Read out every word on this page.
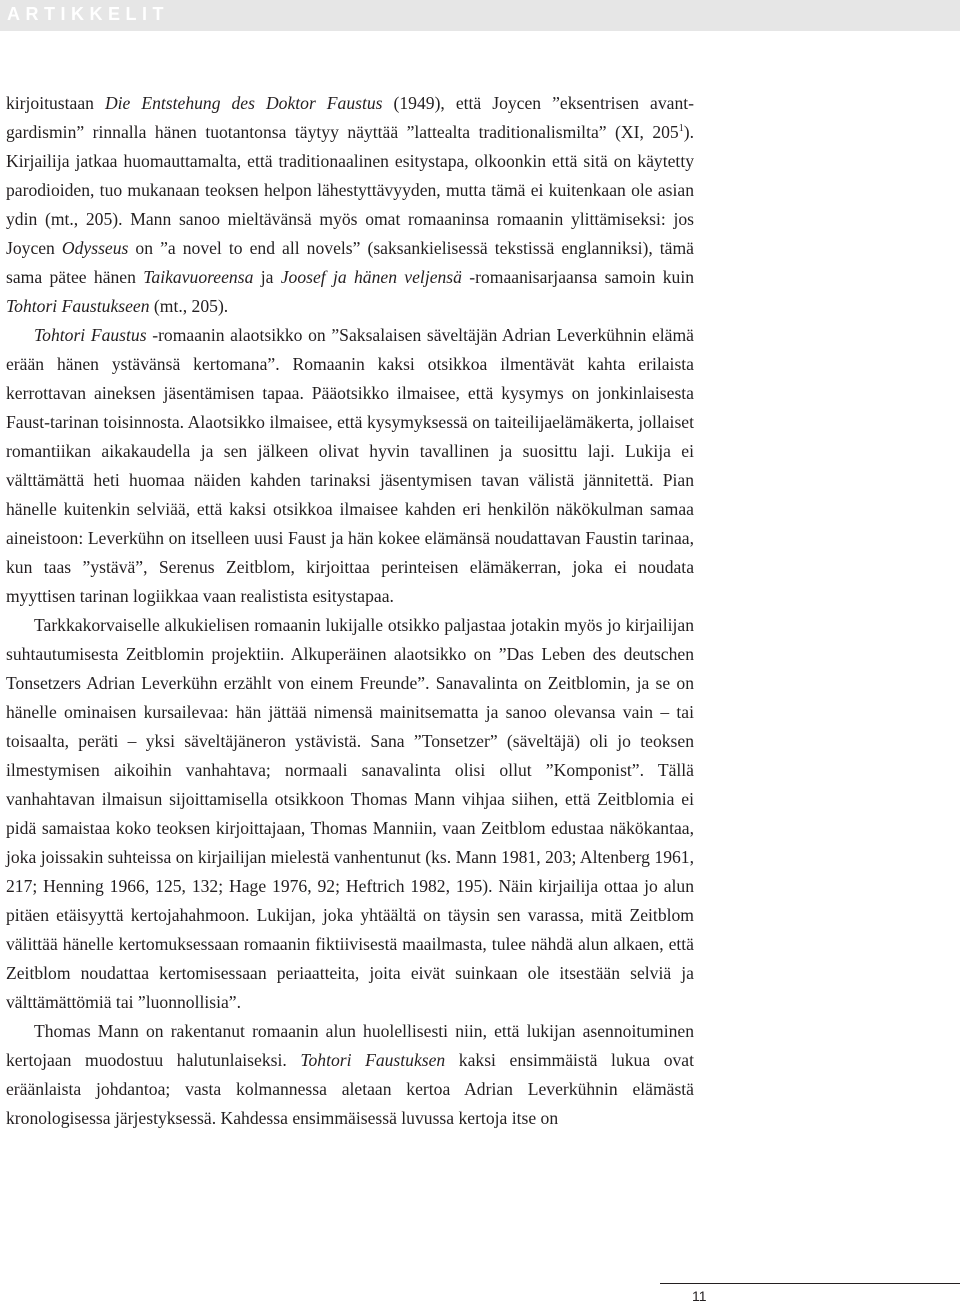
ARTIKKELIT

kirjoitustaan Die Entstehung des Doktor Faustus (1949), että Joycen ”eksentrisen avant-gardismin” rinnalla hänen tuotantonsa täytyy näyttää ”lattealta traditionalismilta” (XI, $205^1$). Kirjailija jatkaa huomauttamalta, että traditionaalinen esitystapa, olkoonkin että sitä on käytetty parodioiden, tuo mukanaan teoksen helpon lähestyttävyyden, mutta tämä ei kuitenkaan ole asian ydin (mt., 205). Mann sanoo mieltävänsä myös omat romaaninsa romaanin ylittämiseksi: jos Joycen Odysseus on ”a novel to end all novels” (saksankielisessä tekstissä englanniksi), tämä sama pätee hänen Taikavuoreensa ja Joosef ja hänen veljensä -romaanisarjaansa samoin kuin Tohtori Faustukseen (mt., 205).

Tohtori Faustus -romaanin alaotsikko on ”Saksalaisen säveltäjän Adrian Leverkühnin elämä erään hänen ystävänsä kertomana”. Romaanin kaksi otsikkoa ilmentävät kahta erilaista kerrottavan aineksen jäsentämisen tapaa. Pääotsikko ilmaisee, että kysymys on jonkinlaisesta Faust-tarinan toisinnosta. Alaotsikko ilmaisee, että kysymyksessä on taiteilijaelämäkerta, jollaiset romantiikan aikakaudella ja sen jälkeen olivat hyvin tavallinen ja suosittu laji. Lukija ei välttämättä heti huomaa näiden kahden tarinaksi jäsentymisen tavan välistä jännitettä. Pian hänelle kuitenkin selviää, että kaksi otsikkoa ilmaisee kahden eri henkilön näkökulman samaa aineistoon: Leverkühn on itselleen uusi Faust ja hän kokee elämänsä noudattavan Faustin tarinaa, kun taas ”ystävä”, Serenus Zeitblom, kirjoittaa perinteisen elämäkerran, joka ei noudata myyttisen tarinan logiikkaa vaan realistista esitystapaa.

Tarkkakorvaiselle alkukielisen romaanin lukijalle otsikko paljastaa jotakin myös jo kirjailijan suhtautumisesta Zeitblomin projektiin. Alkuperäinen alaotsikko on ”Das Leben des deutschen Tonsetzers Adrian Leverkühn erzählt von einem Freunde”. Sanavalinta on Zeitblomin, ja se on hänelle ominaisen kursailevaa: hän jättää nimensä mainitsematta ja sanoo olevansa vain – tai toisaalta, peräti – yksi säveltäjäneron ystävistä. Sana ”Tonsetzer” (säveltäjä) oli jo teoksen ilmestymisen aikoihin vanhahtava; normaali sanavalinta olisi ollut ”Komponist”. Tällä vanhahtavan ilmaisun sijoittamisella otsikkoon Thomas Mann vihjaa siihen, että Zeitblomia ei pidä samaistaa koko teoksen kirjoittajaan, Thomas Manniin, vaan Zeitblom edustaa näkökantaa, joka joissakin suhteissa on kirjailijan mielestä vanhentunut (ks. Mann 1981, 203; Altenberg 1961, 217; Henning 1966, 125, 132; Hage 1976, 92; Heftrich 1982, 195). Näin kirjailija ottaa jo alun pitäen etäisyyttä kertojahahmoon. Lukijan, joka yhtäältä on täysin sen varassa, mitä Zeitblom välittää hänelle kertomuksessaan romaanin fiktiivisestä maailmasta, tulee nähdä alun alkaen, että Zeitblom noudattaa kertomisessaan periaatteita, joita eivät suinkaan ole itsestään selviä ja välttämättömiä tai ”luonnollisia”.

Thomas Mann on rakentanut romaanin alun huolellisesti niin, että lukijan asennoituminen kertojaan muodostuu halutunlaiseksi. Tohtori Faustuksen kaksi ensimmäistä lukua ovat eräänlaista johdantoa; vasta kolmannessa aletaan kertoa Adrian Leverkühnin elämästä kronologisessa järjestyksessä. Kahdessa ensimmäisessä luvussa kertoja itse on

11
